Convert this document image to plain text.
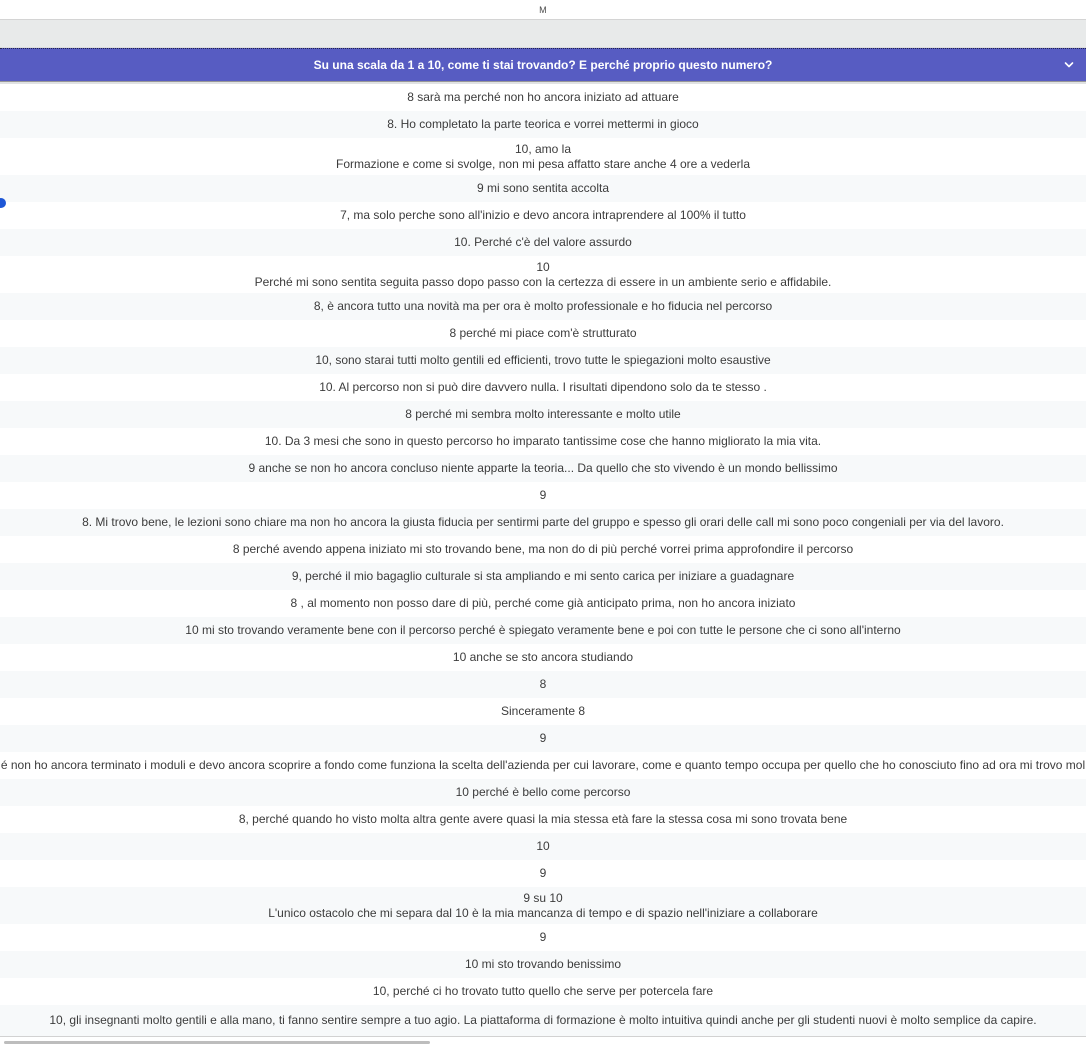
M
Su una scala da 1 a 10, come ti stai trovando? E perché proprio questo numero?
8 sarà ma perché non ho ancora iniziato ad attuare
8. Ho completato la parte teorica e vorrei mettermi in gioco
10, amo la
Formazione e come si svolge, non mi pesa affatto stare anche 4 ore a vederla
9 mi sono sentita accolta
7, ma solo perche sono all'inizio e devo ancora intraprendere al 100% il tutto
10. Perché c'è del valore assurdo
10
Perché mi sono sentita seguita passo dopo passo con la certezza di essere in un ambiente serio e affidabile.
8, è ancora tutto una novità ma per ora è molto professionale e ho fiducia nel percorso
8 perché mi piace com'è strutturato
10, sono starai tutti molto gentili ed efficienti, trovo tutte le spiegazioni molto esaustive
10. Al percorso non si può dire davvero nulla. I risultati dipendono solo da te stesso .
8 perché mi sembra molto interessante e molto utile
10. Da 3 mesi che sono in questo percorso ho imparato tantissime cose che hanno migliorato la mia vita.
9 anche se non ho ancora concluso niente apparte la teoria... Da quello che sto vivendo è un mondo bellissimo
9
8. Mi trovo bene, le lezioni sono chiare ma non ho ancora la giusta fiducia per sentirmi parte del gruppo e spesso gli orari delle call mi sono poco congeniali per via del lavoro.
8 perché avendo appena iniziato mi sto trovando bene, ma non do di più perché vorrei prima approfondire il percorso
9, perché il mio bagaglio culturale si sta ampliando e mi sento carica per iniziare a guadagnare
8 , al momento non posso dare di più, perché come già anticipato prima, non ho ancora iniziato
10 mi sto trovando veramente bene con il percorso perché è spiegato veramente bene e poi con tutte le persone che ci sono all'interno
10 anche se sto ancora studiando
8
Sinceramente 8
9
é non ho ancora terminato i moduli e devo ancora scoprire a fondo come funziona la scelta dell'azienda per cui lavorare, come e quanto tempo occupa per quello che ho conosciuto fino ad ora mi trovo mol
10 perché è bello come percorso
8, perché quando ho visto molta altra gente avere quasi la mia stessa età fare la stessa cosa mi sono trovata bene
10
9
9 su 10
L'unico ostacolo che mi separa dal 10 è la mia mancanza di tempo e di spazio nell'iniziare a collaborare
9
10 mi sto trovando benissimo
10, perché ci ho trovato tutto quello che serve per potercela fare
10, gli insegnanti molto gentili e alla mano, ti fanno sentire sempre a tuo agio. La piattaforma di formazione è molto intuitiva quindi anche per gli studenti nuovi è molto semplice da capire.
